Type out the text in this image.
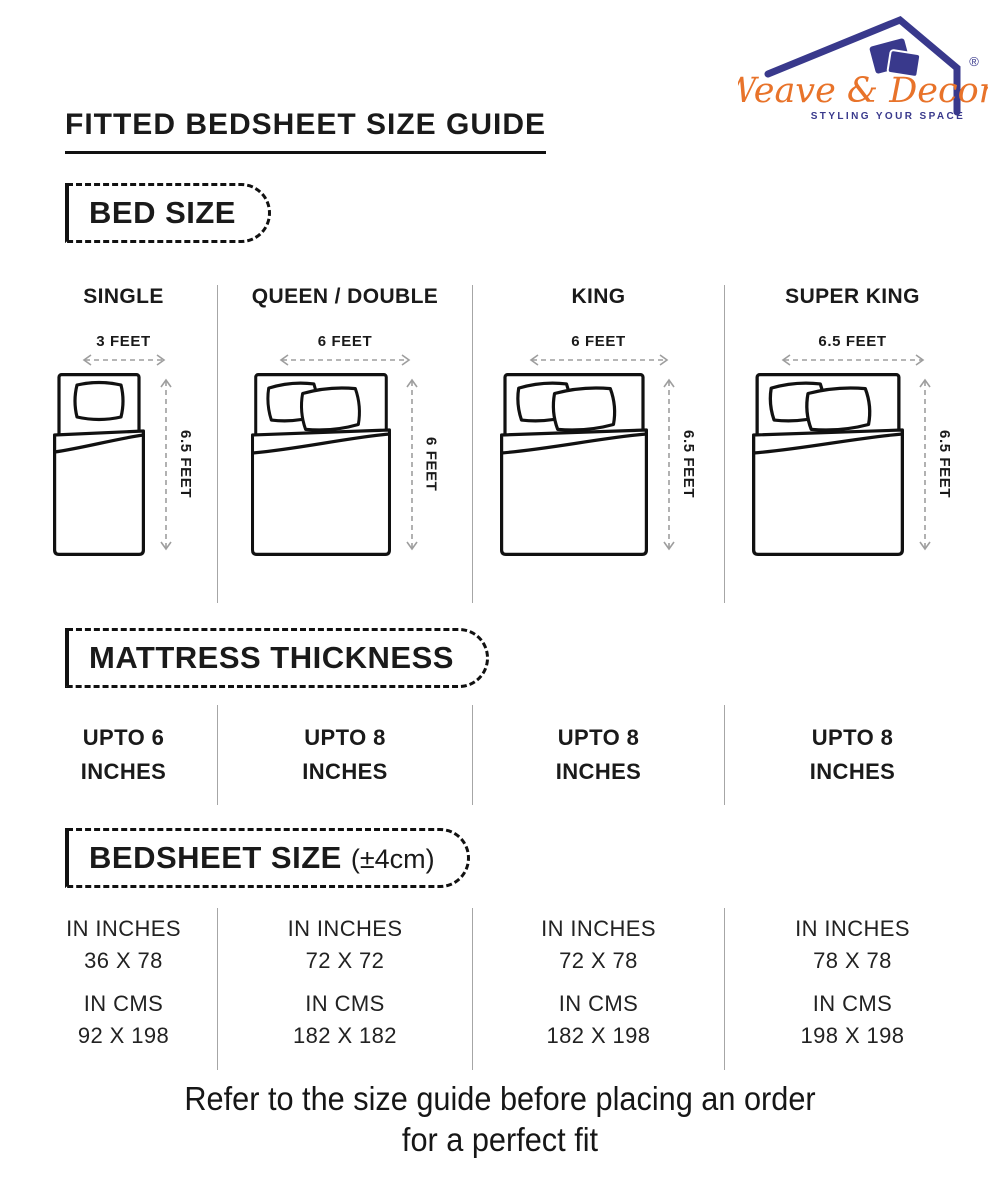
®
Weave & Decor
STYLING YOUR SPACE
FITTED BEDSHEET SIZE GUIDE
BED SIZE
SINGLE
3 FEET
6.5 FEET
QUEEN / DOUBLE
6 FEET
6 FEET
KING
6 FEET
6.5 FEET
SUPER KING
6.5 FEET
6.5 FEET
MATTRESS THICKNESS
UPTO 6
INCHES
UPTO 8
INCHES
UPTO 8
INCHES
UPTO 8
INCHES
BEDSHEET SIZE (±4cm)
IN INCHES
36 X 78
IN CMS
92 X 198
IN INCHES
72 X 72
IN CMS
182 X 182
IN INCHES
72 X 78
IN CMS
182 X 198
IN INCHES
78 X 78
IN CMS
198 X 198
Refer to the size guide before placing an order
for a perfect fit
